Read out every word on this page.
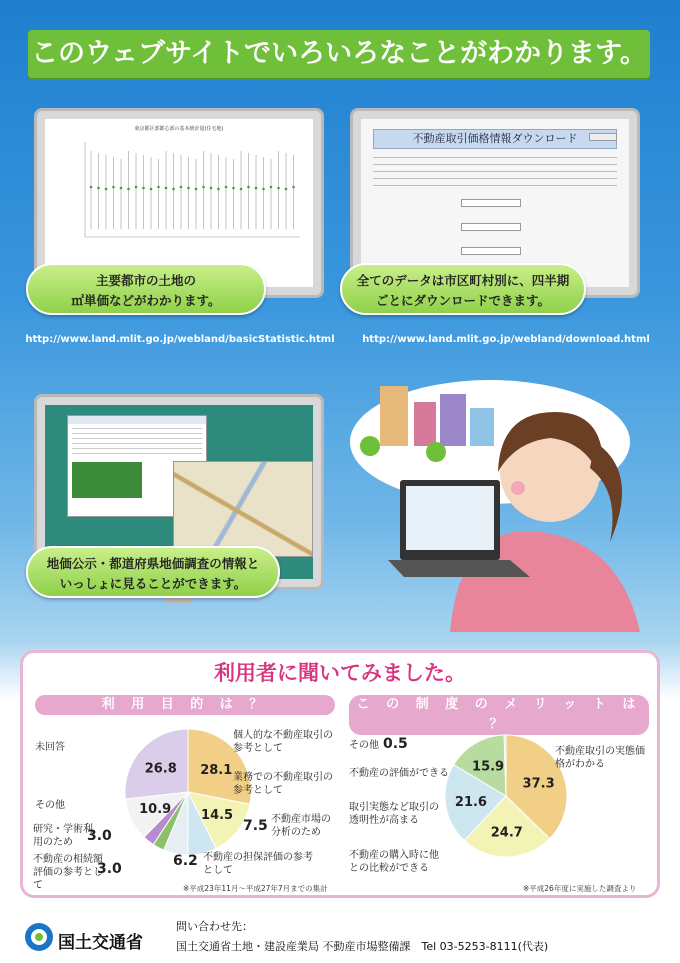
このウェブサイトでいろいろなことがわかります。
東京都区部都心部の基本統計量(住宅地)
主要都市の土地の
㎡単価などがわかります。
http://www.land.mlit.go.jp/webland/basicStatistic.html
不動産取引価格情報ダウンロード
全てのデータは市区町村別に、四半期
ごとにダウンロードできます。
http://www.land.mlit.go.jp/webland/download.html
地価公示・都道府県地価調査の情報と
いっしょに見ることができます。
利用者に聞いてみました。
利 用 目 的 は ？	こ の 制 度 の メ リ ッ ト は ？
28.1
14.5
10.9
26.8
未回答
その他
研究・学術利用のため
不動産の相続額評価の参考として
個人的な不動産取引の参考として
業務での不動産取引の参考として
不動産市場の分析のため
不動産の担保評価の参考として
3.0
3.0
7.5
6.2
※平成23年11月〜平成27年7月までの集計
37.3
24.7
21.6
15.9
その他 0.5
不動産の評価ができる
取引実態など取引の透明性が高まる
不動産の購入時に他との比較ができる
不動産取引の実態価格がわかる
※平成26年度に実施した調査より
国土交通省
問い合わせ先：
国土交通省土地・建設産業局 不動産市場整備課　Tel 03-5253-8111(代表)
